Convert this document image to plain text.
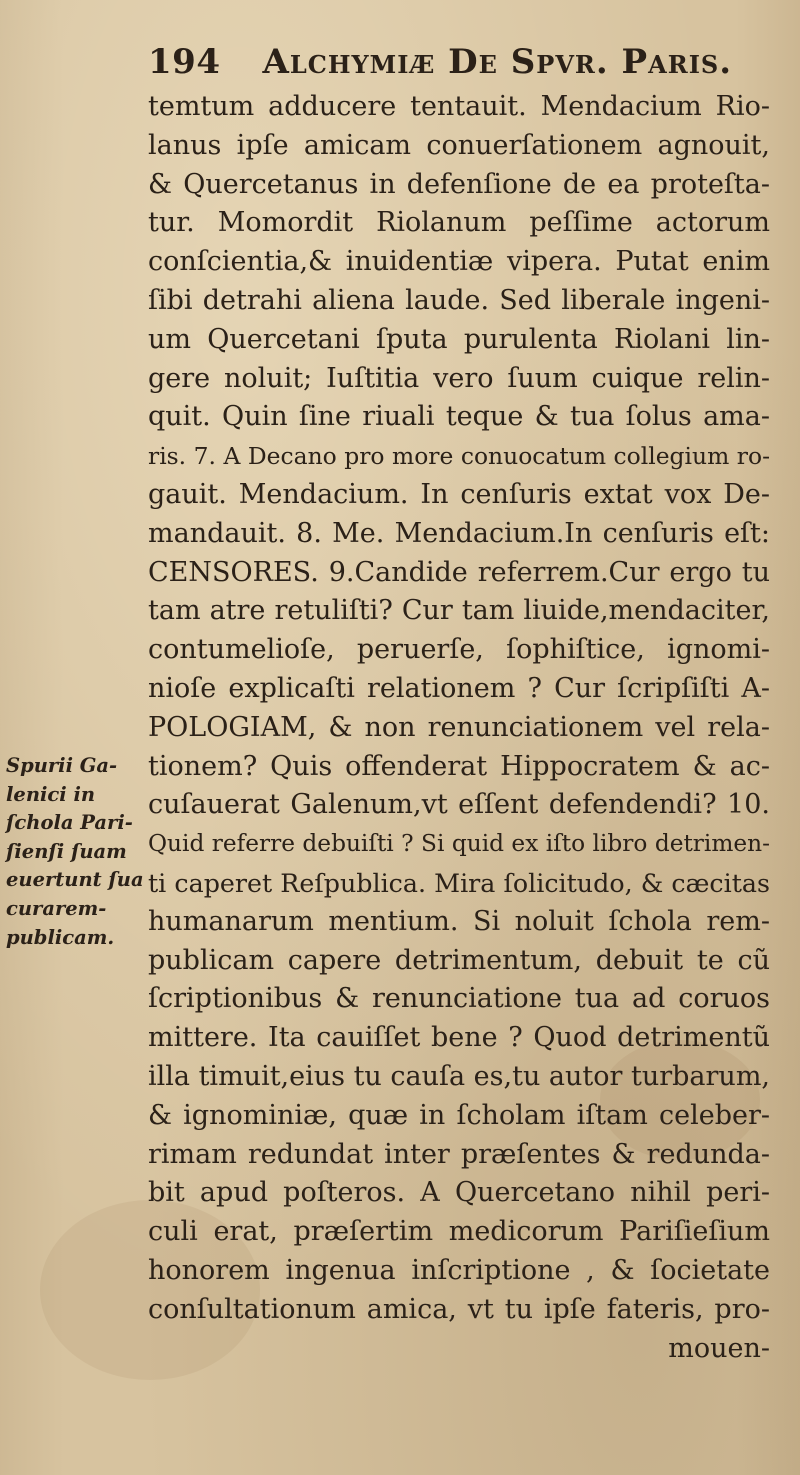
194 Alchymiæ De Spvr. Paris.
temtum adducere tentauit. Mendacium Rio-
lanus ipſe amicam conuerſationem agnouit,
& Quercetanus in defenſione de ea proteſta-
tur. Momordit Riolanum peſſime actorum
conſcientia,& inuidentiæ vipera. Putat enim
ſibi detrahi aliena laude. Sed liberale ingeni-
um Quercetani ſputa purulenta Riolani lin-
gere noluit; Iuſtitia vero ſuum cuique relin-
quit. Quin ſine riuali teque & tua ſolus ama-
ris. 7. A Decano pro more conuocatum collegium ro-
gauit. Mendacium. In cenſuris extat vox De-
mandauit. 8. Me. Mendacium.In cenſuris eſt:
CENSORES. 9.Candide referrem.Cur ergo tu
tam atre retuliſti? Cur tam liuide,mendaciter,
contumelioſe, peruerſe, ſophiſtice, ignomi-
nioſe explicaſti relationem ? Cur ſcripſiſti A-
POLOGIAM, & non renunciationem vel rela-
tionem? Quis offenderat Hippocratem & ac-
cuſauerat Galenum,vt eſſent defendendi? 10.
Quid referre debuiſti ? Si quid ex iſto libro detrimen-
ti caperet Reſpublica. Mira ſolicitudo, & cæcitas
humanarum mentium. Si noluit ſchola rem-
publicam capere detrimentum, debuit te cũ
ſcriptionibus & renunciatione tua ad coruos
mittere. Ita cauiſſet bene ? Quod detrimentũ
illa timuit,eius tu cauſa es,tu autor turbarum,
& ignominiæ, quæ in ſcholam iſtam celeber-
rimam redundat inter præſentes & redunda-
bit apud poſteros. A Quercetano nihil peri-
culi erat, præſertim medicorum Pariſieſium
honorem ingenua inſcriptione , & ſocietate
conſultationum amica, vt tu ipſe fateris, pro-
mouen-
Spurii Ga-
lenici in
ſchola Pari-
ſienſi ſuam
euertunt ſua
curarem-
publicam.
